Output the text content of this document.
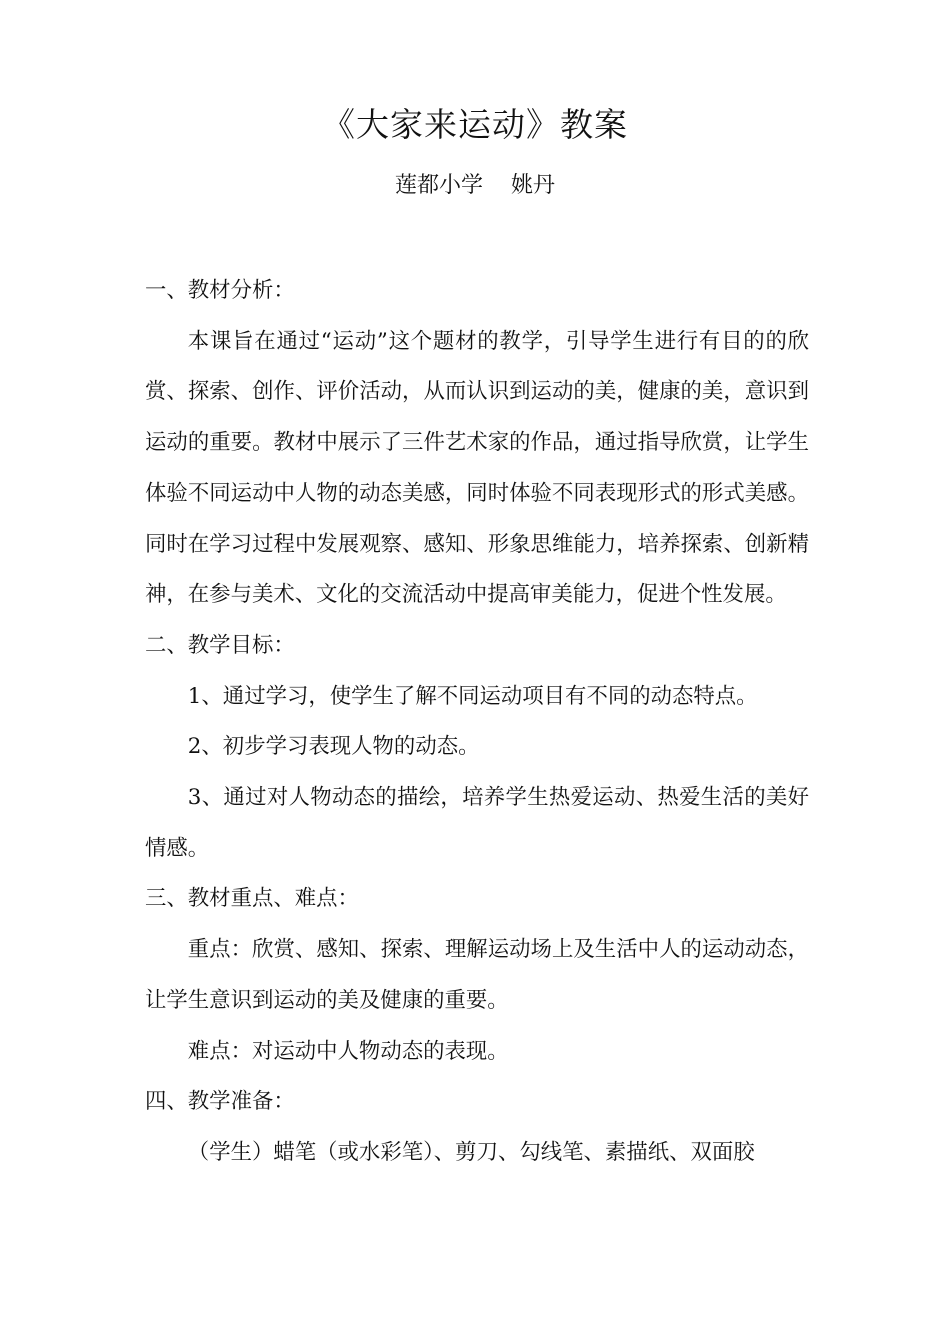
《大家来运动》教案
莲都小学    姚丹

一、教材分析：

本课旨在通过“运动”这个题材的教学，引导学生进行有目的的欣赏、探索、创作、评价活动，从而认识到运动的美，健康的美，意识到运动的重要。教材中展示了三件艺术家的作品，通过指导欣赏，让学生体验不同运动中人物的动态美感，同时体验不同表现形式的形式美感。同时在学习过程中发展观察、感知、形象思维能力，培养探索、创新精神，在参与美术、文化的交流活动中提高审美能力，促进个性发展。

二、教学目标：

1、通过学习，使学生了解不同运动项目有不同的动态特点。

2、初步学习表现人物的动态。

3、通过对人物动态的描绘，培养学生热爱运动、热爱生活的美好情感。

三、教材重点、难点：

重点：欣赏、感知、探索、理解运动场上及生活中人的运动动态，让学生意识到运动的美及健康的重要。

难点：对运动中人物动态的表现。

四、教学准备：

（学生）蜡笔（或水彩笔）、剪刀、勾线笔、素描纸、双面胶
